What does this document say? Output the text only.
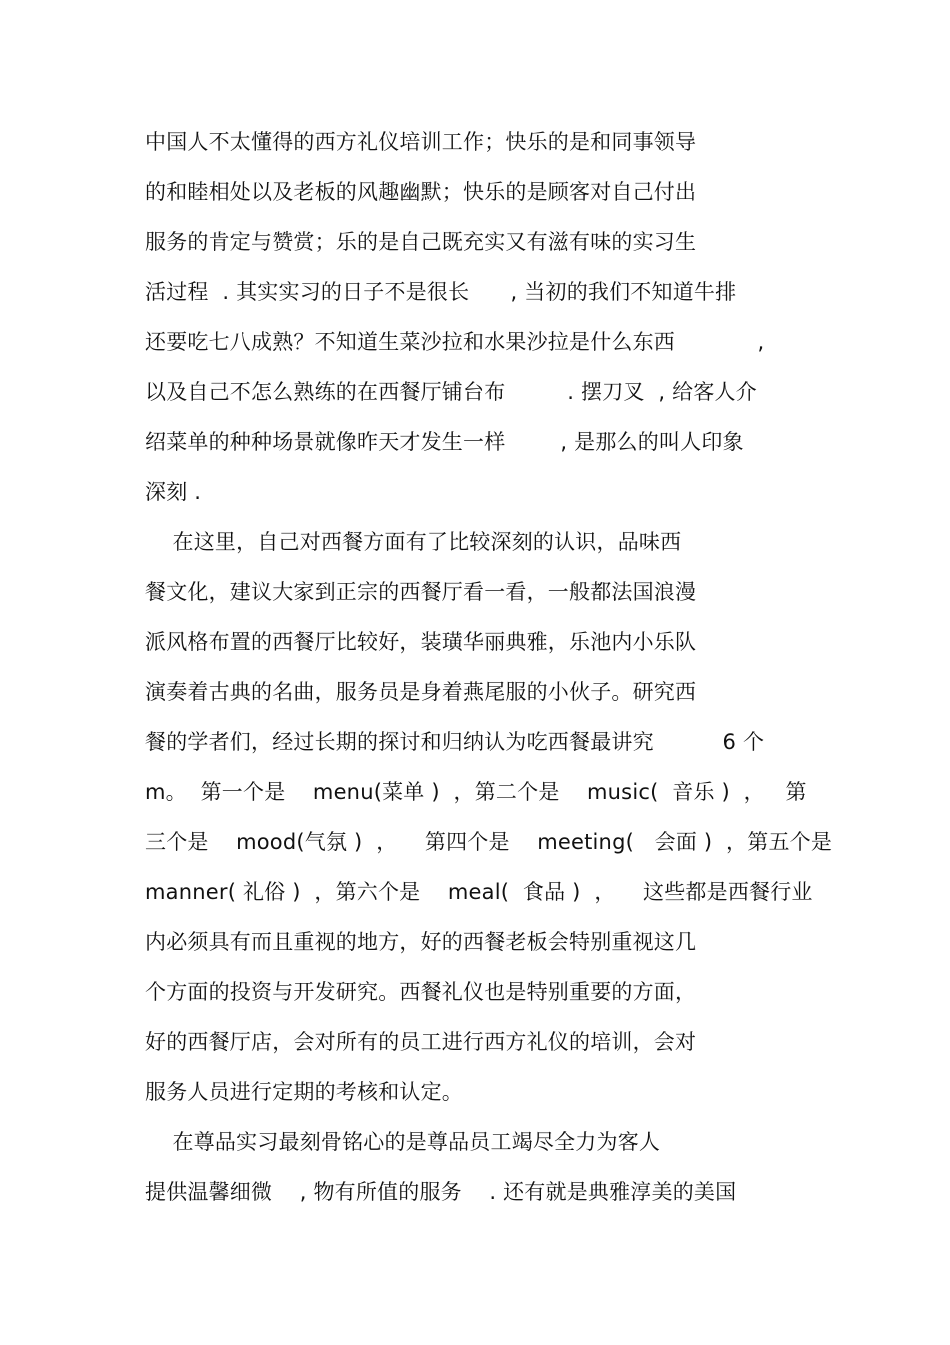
中国人不太懂得的西方礼仪培训工作；快乐的是和同事领导
的和睦相处以及老板的风趣幽默；快乐的是顾客对自己付出
服务的肯定与赞赏；乐的是自己既充实又有滋有味的实习生
活过程  . 其实实习的日子不是很长      , 当初的我们不知道牛排
还要吃七八成熟？不知道生菜沙拉和水果沙拉是什么东西            ,
以及自己不怎么熟练的在西餐厅铺台布         . 摆刀叉  , 给客人介
绍菜单的种种场景就像昨天才发生一样        , 是那么的叫人印象
深刻 .
在这里，自己对西餐方面有了比较深刻的认识，品味西
餐文化，建议大家到正宗的西餐厅看一看，一般都法国浪漫
派风格布置的西餐厅比较好，装璜华丽典雅，乐池内小乐队
演奏着古典的名曲，服务员是身着燕尾服的小伙子。研究西
餐的学者们，经过长期的探讨和归纳认为吃西餐最讲究          6 个
m。  第一个是    menu(菜单 )  ，第二个是    music(  音乐 )  ，   第
三个是    mood(气氛 )  ，    第四个是    meeting(   会面 )  ，第五个是
manner( 礼俗 )  ，第六个是    meal(  食品 )  ，    这些都是西餐行业
内必须具有而且重视的地方，好的西餐老板会特别重视这几
个方面的投资与开发研究。西餐礼仪也是特别重要的方面，
好的西餐厅店，会对所有的员工进行西方礼仪的培训，会对
服务人员进行定期的考核和认定。
在尊品实习最刻骨铭心的是尊品员工竭尽全力为客人
提供温馨细微    , 物有所值的服务    . 还有就是典雅淳美的美国
